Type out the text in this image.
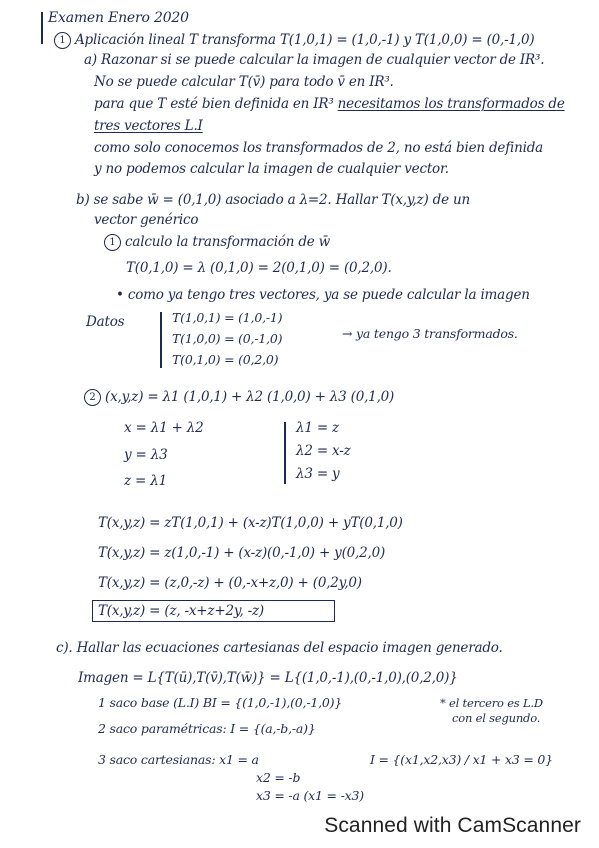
Examen Enero 2020
1 Aplicación lineal T transforma T(1,0,1) = (1,0,-1) y T(1,0,0) = (0,-1,0)
a) Razonar si se puede calcular la imagen de cualquier vector de IR³.
No se puede calcular T(v̄) para todo v̄ en IR³.
para que T esté bien definida en IR³ necesitamos los transformados de
tres vectores L.I
como solo conocemos los transformados de 2, no está bien definida
y no podemos calcular la imagen de cualquier vector.
b) se sabe w̄ = (0,1,0) asociado a λ=2. Hallar T(x,y,z) de un
vector genérico
1 calculo la transformación de w̄
T(0,1,0) = λ (0,1,0) = 2(0,1,0) = (0,2,0).
• como ya tengo tres vectores, ya se puede calcular la imagen
Datos	T(1,0,1) = (1,0,-1)
T(1,0,0) = (0,-1,0)
T(0,1,0) = (0,2,0)
→ ya tengo 3 transformados.
2 (x,y,z) = λ1 (1,0,1) + λ2 (1,0,0) + λ3 (0,1,0)
x = λ1 + λ2
y = λ3
z = λ1
λ1 = z
λ2 = x-z
λ3 = y
T(x,y,z) = zT(1,0,1) + (x-z)T(1,0,0) + yT(0,1,0)
T(x,y,z) = z(1,0,-1) + (x-z)(0,-1,0) + y(0,2,0)
T(x,y,z) = (z,0,-z) + (0,-x+z,0) + (0,2y,0)
T(x,y,z) = (z, -x+z+2y, -z)
c). Hallar las ecuaciones cartesianas del espacio imagen generado.
Imagen = L{T(ū),T(v̄),T(w̄)} = L{(1,0,-1),(0,-1,0),(0,2,0)}
1 saco base (L.I) BI = {(1,0,-1),(0,-1,0)}	* el tercero es L.D
con el segundo.
2 saco paramétricas: I = {(a,-b,-a)}
3 saco cartesianas: x1 = a	I = {(x1,x2,x3) / x1 + x3 = 0}
x2 = -b
x3 = -a (x1 = -x3)
Scanned with CamScanner
